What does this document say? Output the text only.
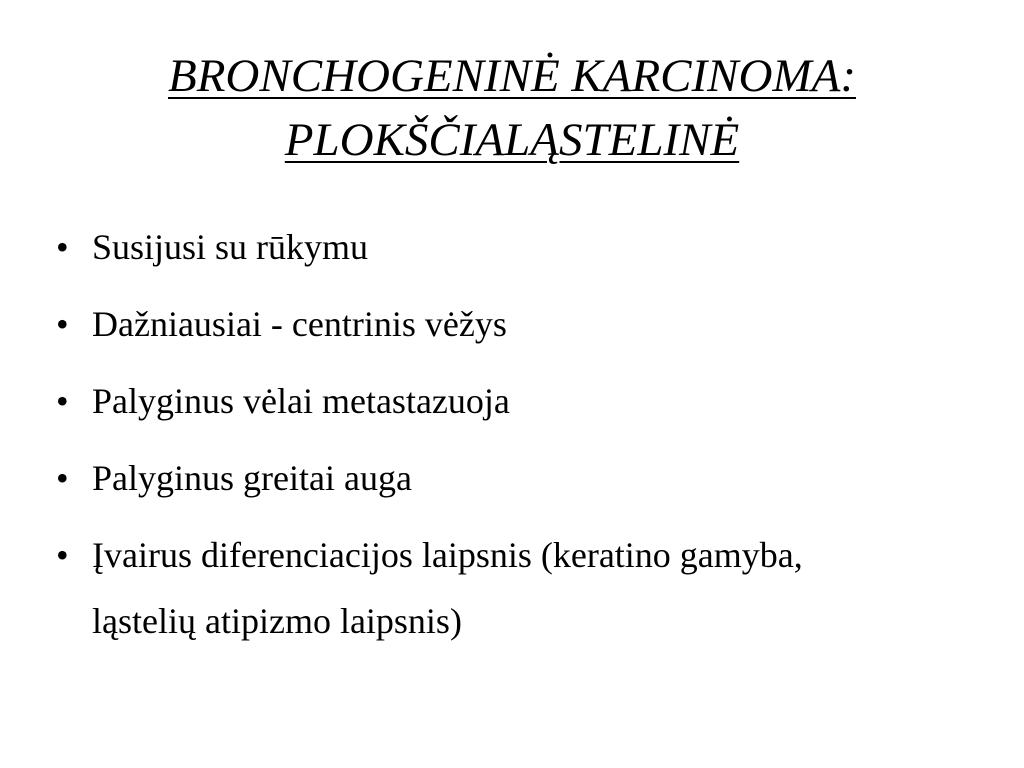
BRONCHOGENINĖ KARCINOMA:
PLOKŠČIALĄSTELINĖ
• Susijusi su rūkymu
• Dažniausiai - centrinis vėžys
• Palyginus vėlai metastazuoja
• Palyginus greitai auga
• Įvairus diferenciacijos laipsnis (keratino gamyba, ląstelių atipizmo laipsnis)
